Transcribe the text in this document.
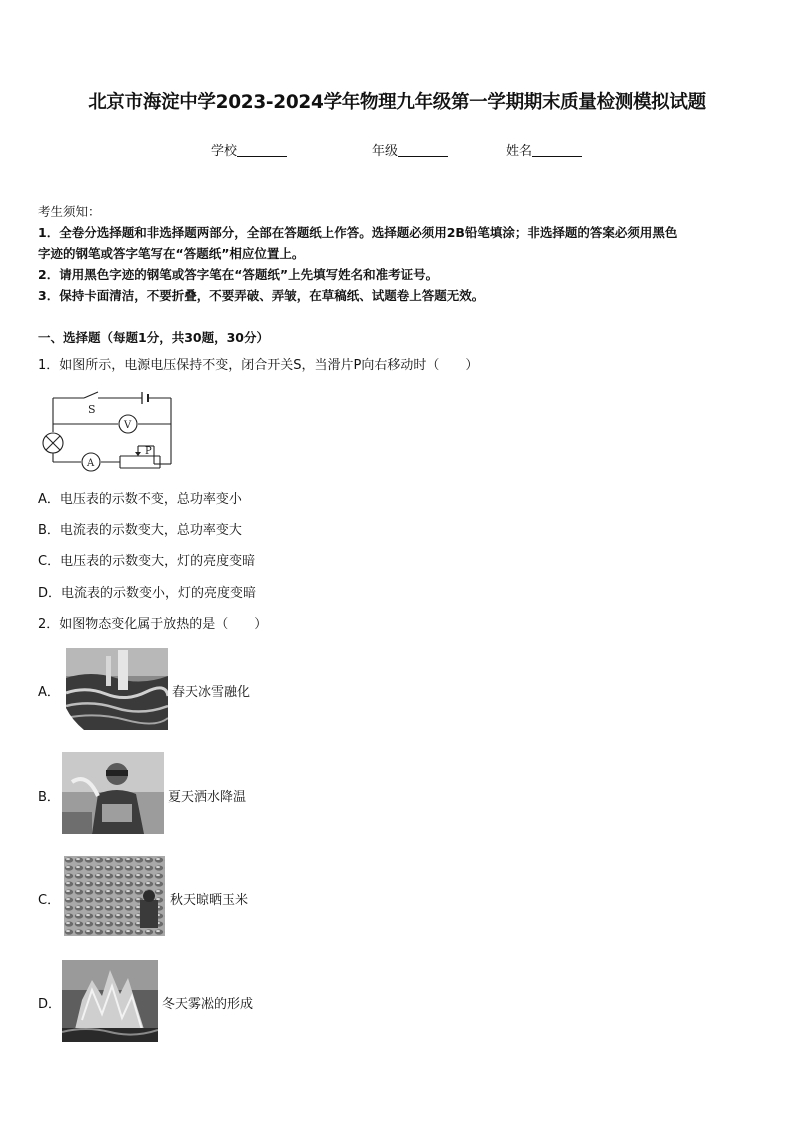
北京市海淀中学2023-2024学年物理九年级第一学期期末质量检测模拟试题
学校	年级	姓名
考生须知：
1．全卷分选择题和非选择题两部分，全部在答题纸上作答。选择题必须用2B铅笔填涂；非选择题的答案必须用黑色
字迹的钢笔或答字笔写在“答题纸”相应位置上。
2．请用黑色字迹的钢笔或答字笔在“答题纸”上先填写姓名和准考证号。
3．保持卡面清洁，不要折叠，不要弄破、弄皱，在草稿纸、试题卷上答题无效。
一、选择题（每题1分，共30题，30分）
1．如图所示，电源电压保持不变，闭合开关S，当滑片P向右移动时（　　）
S
V
A
P
A．电压表的示数不变，总功率变小
B．电流表的示数变大，总功率变大
C．电压表的示数变大，灯的亮度变暗
D．电流表的示数变小，灯的亮度变暗
2．如图物态变化属于放热的是（　　）
A．	春天冰雪融化
B．	夏天洒水降温
C．	秋天晾晒玉米
D．	冬天雾凇的形成
